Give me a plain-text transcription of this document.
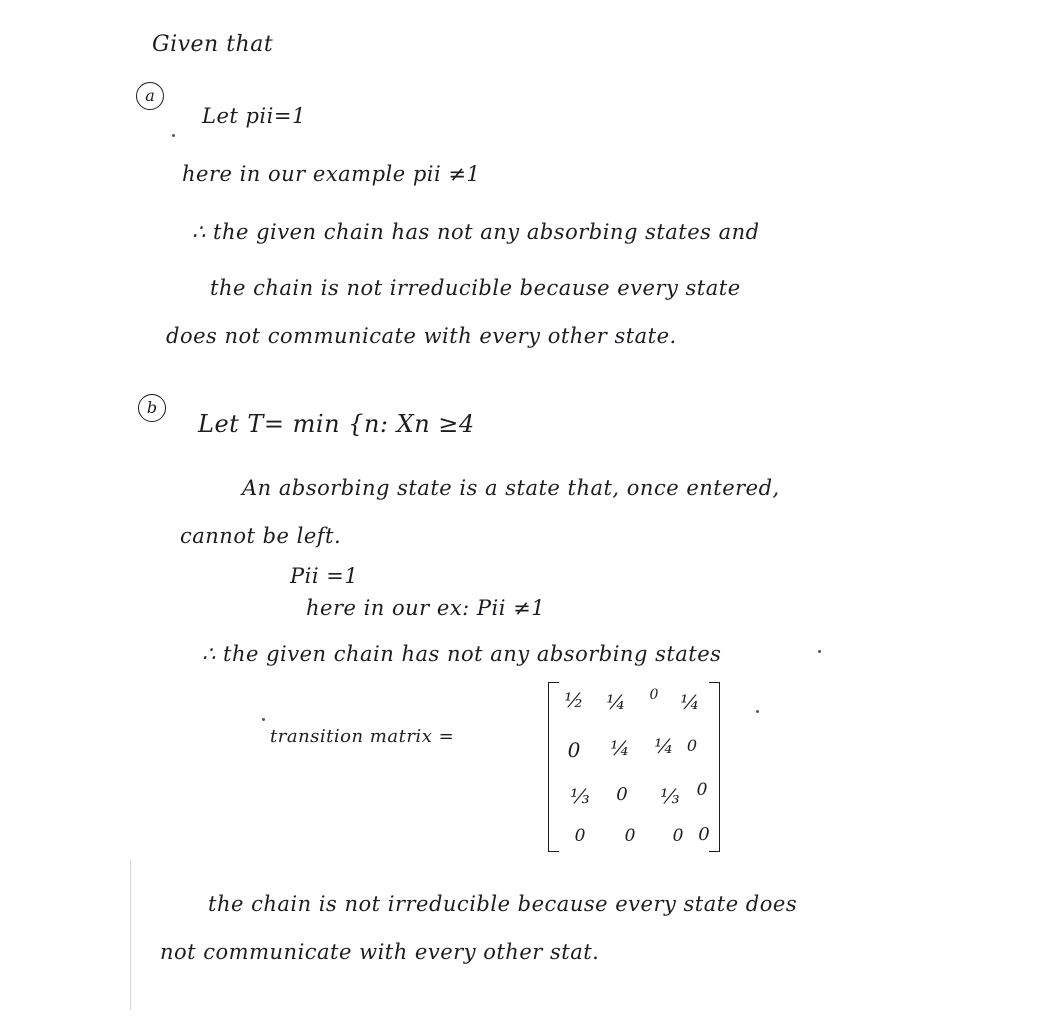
Given that
a
Let pii=1
here in our example pii ≠1
∴ the given chain has not any absorbing states and
the chain is not irreducible because every state
does not communicate with every other state.
b
Let T= min {n: Xn ≥4
An absorbing state is a state that, once entered,
cannot be left.
Pii =1
here in our ex: Pii ≠1
∴ the given chain has not any absorbing states
transition matrix =
½	¼	0	¼
0	¼	¼ 0
⅓	0	⅓ 0
0	0	0 0
the chain is not irreducible because every state does
not communicate with every other stat.
